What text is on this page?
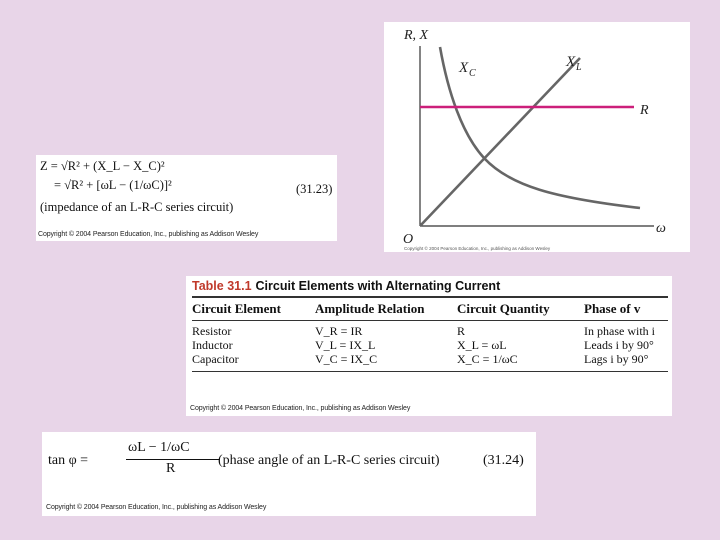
Z = √R² + (X_L − X_C)²
= √R² + [ωL − (1/ωC)]²	(31.23)
(impedance of an L-R-C series circuit)
Copyright © 2004 Pearson Education, Inc., publishing as Addison Wesley
R, X
ω
O
X C
X L
R
Copyright © 2004 Pearson Education, Inc., publishing as Addison Wesley
Table 31.1 Circuit Elements with Alternating Current
Circuit Element	Amplitude Relation	Circuit Quantity	Phase of v
Resistor	V_R = IR	R	In phase with i
Inductor	V_L = IX_L	X_L = ωL	Leads i by 90°
Capacitor	V_C = IX_C	X_C = 1/ωC	Lags i by 90°
Copyright © 2004 Pearson Education, Inc., publishing as Addison Wesley
tan φ =
ωL − 1/ωC
R
(phase angle of an L-R-C series circuit)	(31.24)
Copyright © 2004 Pearson Education, Inc., publishing as Addison Wesley
